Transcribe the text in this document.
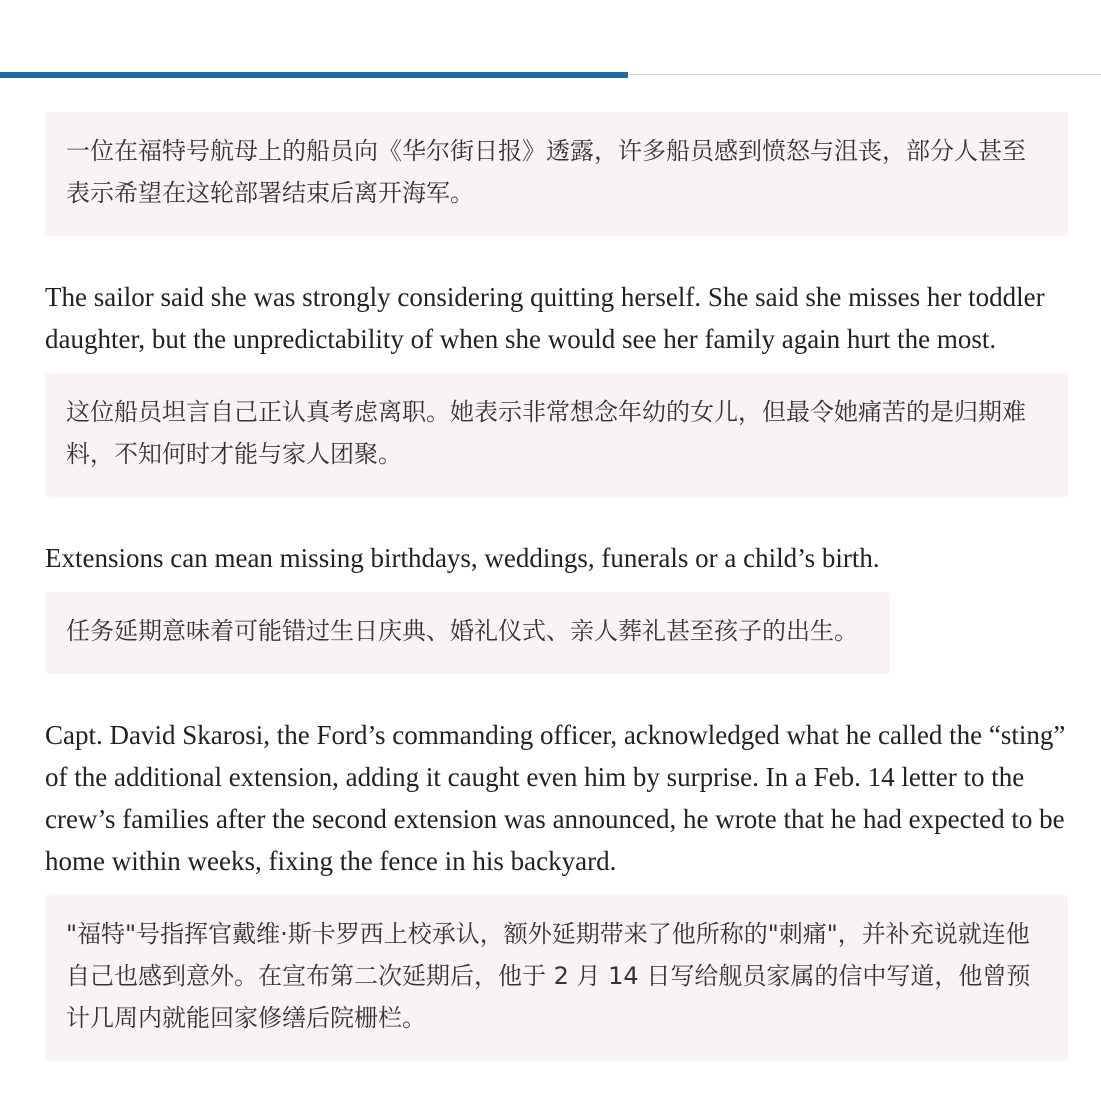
一位在福特号航母上的船员向《华尔街日报》透露，许多船员感到愤怒与沮丧，部分人甚至表示希望在这轮部署结束后离开海军。

The sailor said she was strongly considering quitting herself. She said she misses her toddler daughter, but the unpredictability of when she would see her family again hurt the most.

这位船员坦言自己正认真考虑离职。她表示非常想念年幼的女儿，但最令她痛苦的是归期难料，不知何时才能与家人团聚。

Extensions can mean missing birthdays, weddings, funerals or a child’s birth.

任务延期意味着可能错过生日庆典、婚礼仪式、亲人葬礼甚至孩子的出生。

Capt. David Skarosi, the Ford’s commanding officer, acknowledged what he called the “sting” of the additional extension, adding it caught even him by surprise. In a Feb. 14 letter to the crew’s families after the second extension was announced, he wrote that he had expected to be home within weeks, fixing the fence in his backyard.

"福特"号指挥官戴维·斯卡罗西上校承认，额外延期带来了他所称的"刺痛"，并补充说就连他自己也感到意外。在宣布第二次延期后，他于 2 月 14 日写给舰员家属的信中写道，他曾预计几周内就能回家修缮后院栅栏。
